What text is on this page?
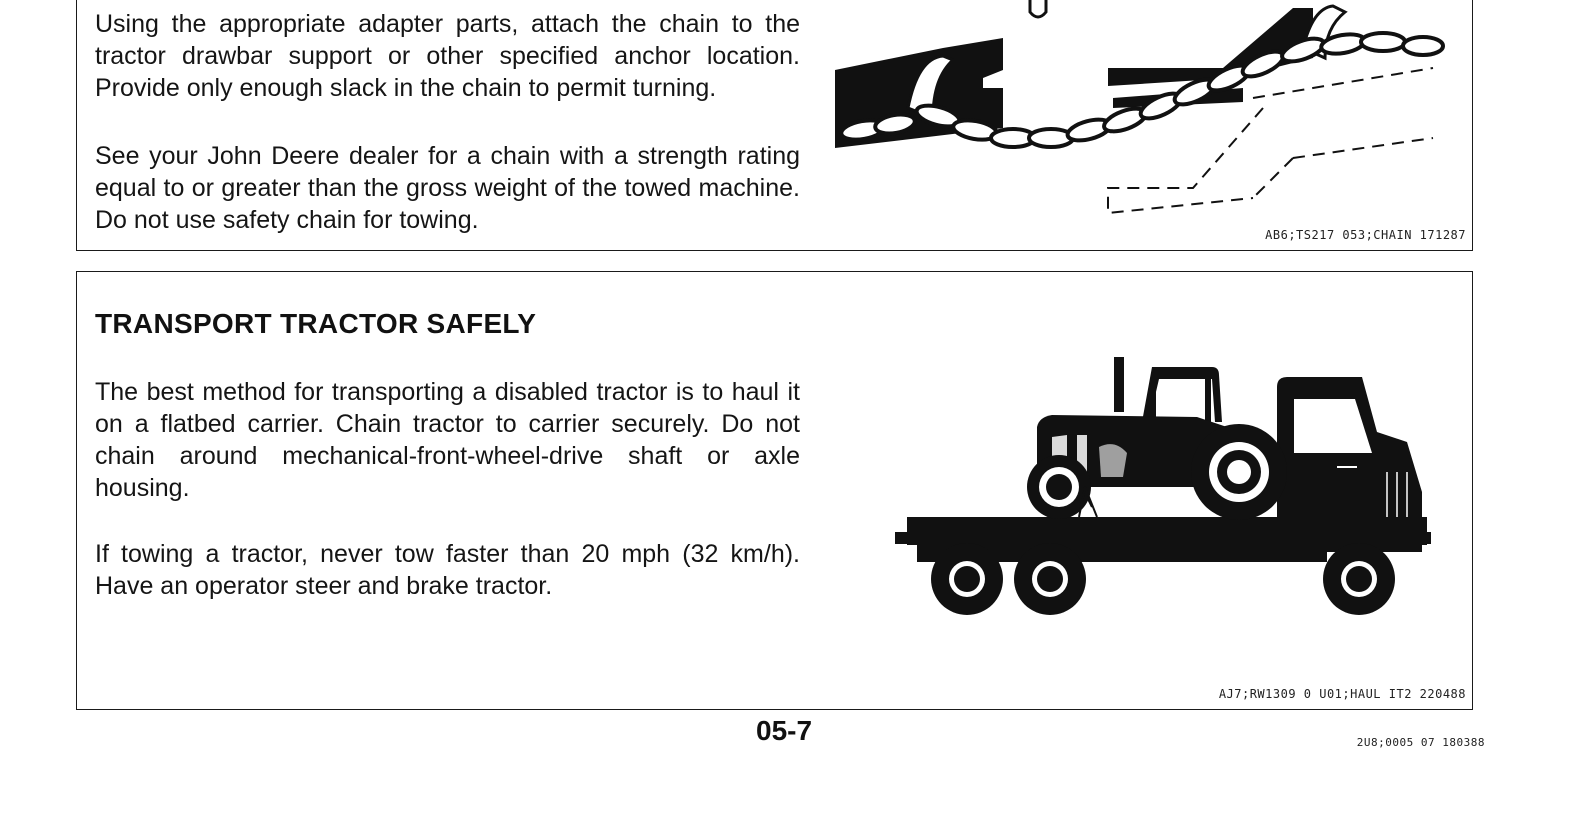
Using the appropriate adapter parts, attach the chain to the tractor drawbar support or other specified anchor location. Provide only enough slack in the chain to permit turning.

See your John Deere dealer for a chain with a strength rating equal to or greater than the gross weight of the towed machine. Do not use safety chain for towing.

AB6;TS217 053;CHAIN 171287

TRANSPORT TRACTOR SAFELY

The best method for transporting a disabled tractor is to haul it on a flatbed carrier. Chain tractor to carrier securely. Do not chain around mechanical-front-wheel-drive shaft or axle housing.

If towing a tractor, never tow faster than 20 mph (32 km/h). Have an operator steer and brake tractor.

AJ7;RW1309 0 U01;HAUL IT2 220488

05-7	2U8;0005 07 180388
